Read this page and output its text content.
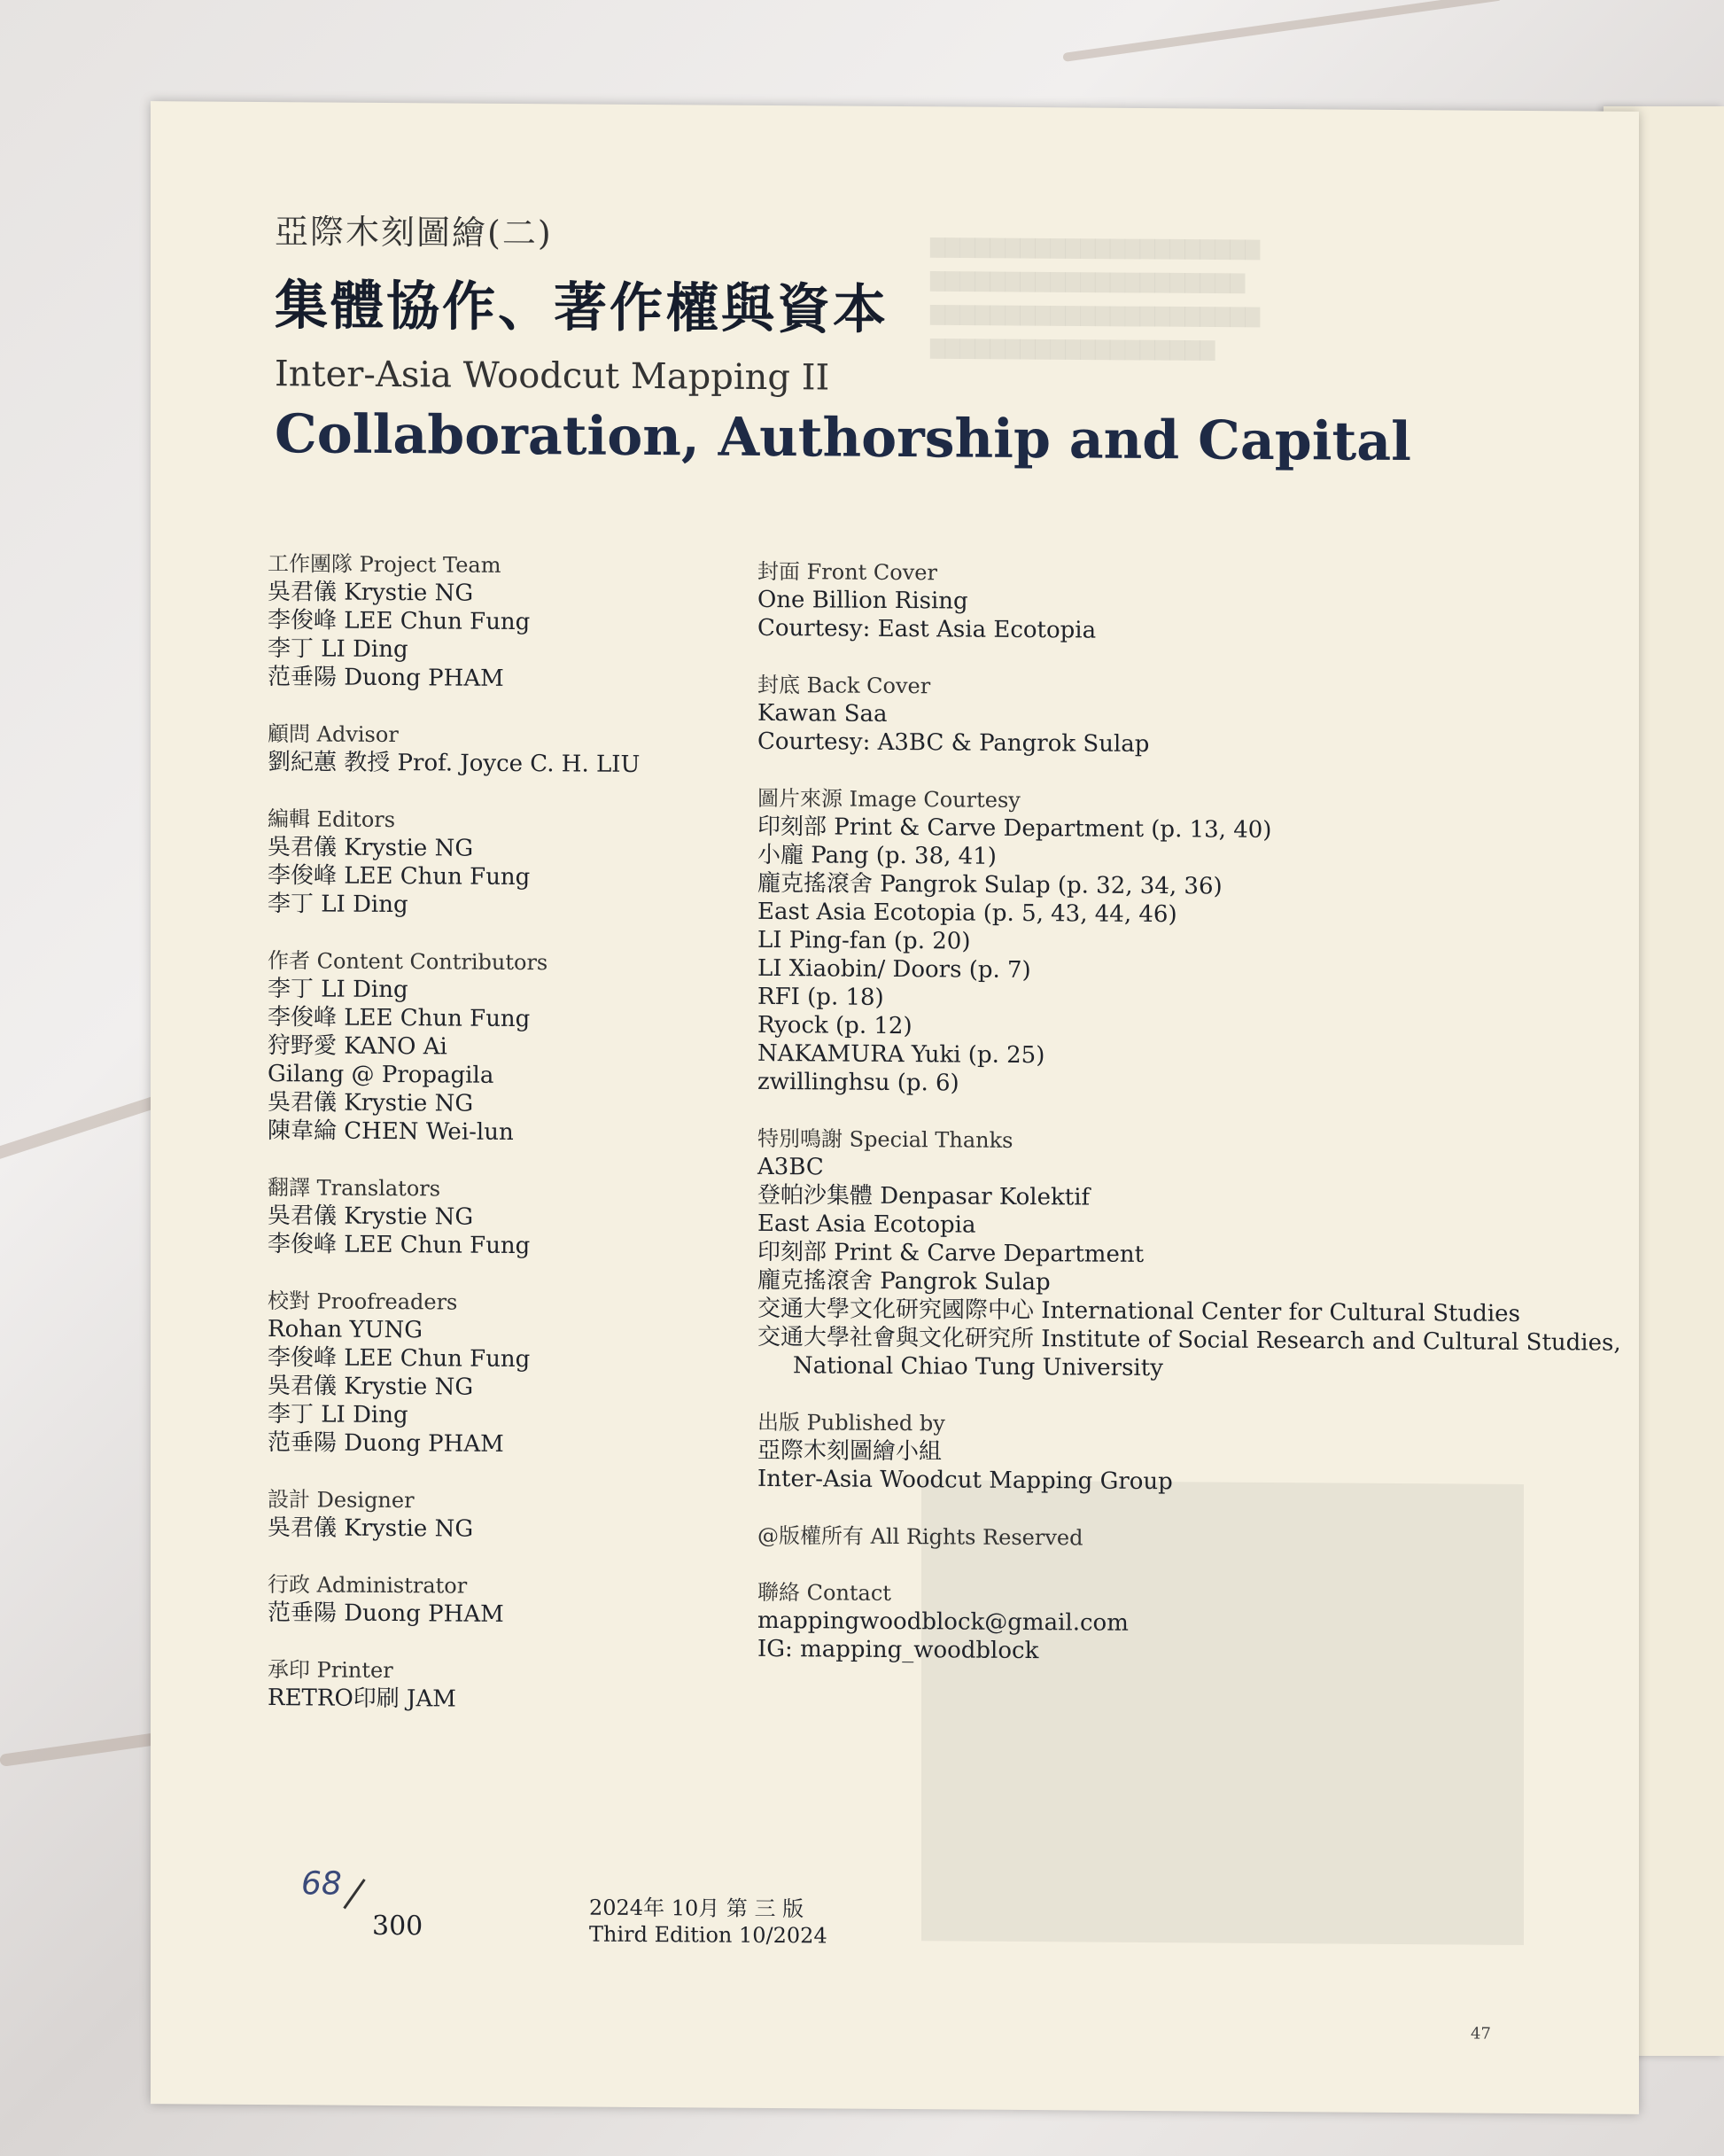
▇▇▇▇▇▇▇▇▇▇▇▇▇▇▇▇▇▇▇▇▇▇
▇▇▇▇▇▇▇▇▇▇▇▇▇▇▇▇▇▇▇▇▇
▇▇▇▇▇▇▇▇▇▇▇▇▇▇▇▇▇▇▇▇▇▇
▇▇▇▇▇▇▇▇▇▇▇▇▇▇▇▇▇▇▇
亞際木刻圖繪(二)
集體協作、著作權與資本
Inter-Asia Woodcut Mapping II
Collaboration, Authorship and Capital
工作團隊 Project Team
吳君儀 Krystie NG
李俊峰 LEE Chun Fung
李丁 LI Ding
范垂陽 Duong PHAM
顧問 Advisor
劉紀蕙 教授 Prof. Joyce C. H. LIU
編輯 Editors
吳君儀 Krystie NG
李俊峰 LEE Chun Fung
李丁 LI Ding
作者 Content Contributors
李丁 LI Ding
李俊峰 LEE Chun Fung
狩野愛 KANO Ai
Gilang @ Propagila
吳君儀 Krystie NG
陳韋綸 CHEN Wei-lun
翻譯 Translators
吳君儀 Krystie NG
李俊峰 LEE Chun Fung
校對 Proofreaders
Rohan YUNG
李俊峰 LEE Chun Fung
吳君儀 Krystie NG
李丁 LI Ding
范垂陽 Duong PHAM
設計 Designer
吳君儀 Krystie NG
行政 Administrator
范垂陽 Duong PHAM
承印 Printer
RETRO印刷 JAM
封面 Front Cover
One Billion Rising
Courtesy: East Asia Ecotopia
封底 Back Cover
Kawan Saa
Courtesy: A3BC & Pangrok Sulap
圖片來源 Image Courtesy
印刻部 Print & Carve Department (p. 13, 40)
小龐 Pang (p. 38, 41)
龐克搖滾舍 Pangrok Sulap (p. 32, 34, 36)
East Asia Ecotopia (p. 5, 43, 44, 46)
LI Ping-fan (p. 20)
LI Xiaobin/ Doors (p. 7)
RFI (p. 18)
Ryock (p. 12)
NAKAMURA Yuki (p. 25)
zwillinghsu (p. 6)
特別鳴謝 Special Thanks
A3BC
登帕沙集體 Denpasar Kolektif
East Asia Ecotopia
印刻部 Print & Carve Department
龐克搖滾舍 Pangrok Sulap
交通大學文化研究國際中心 International Center for Cultural Studies
交通大學社會與文化研究所 Institute of Social Research and Cultural Studies,
National Chiao Tung University
出版 Published by
亞際木刻圖繪小組
Inter-Asia Woodcut Mapping Group
@版權所有 All Rights Reserved
聯絡 Contact
mappingwoodblock@gmail.com
IG: mapping_woodblock
68
300
2024年 10月 第 三 版
Third Edition 10/2024
47
